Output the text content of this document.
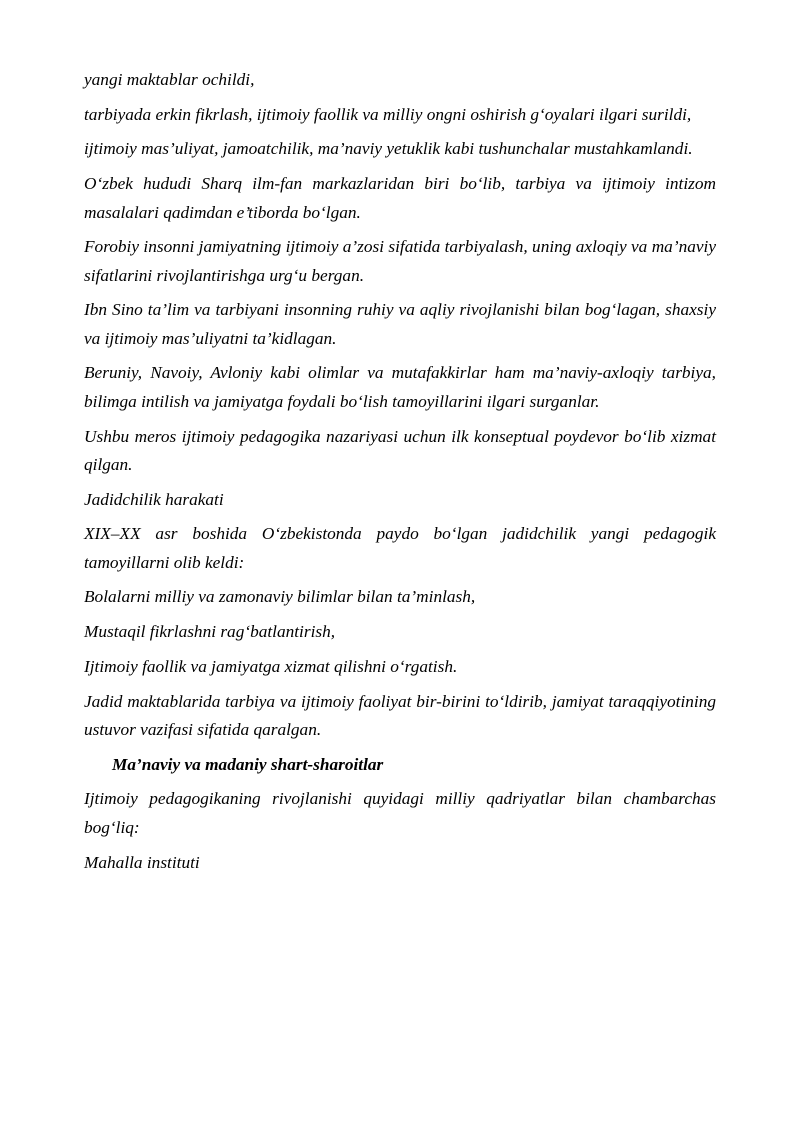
yangi maktablar ochildi,

tarbiyada erkin fikrlash, ijtimoiy faollik va milliy ongni oshirish g‘oyalari ilgari surildi,

ijtimoiy mas’uliyat, jamoatchilik, ma’naviy yetuklik kabi tushunchalar mustahkamlandi.

O‘zbek hududi Sharq ilm-fan markazlaridan biri bo‘lib, tarbiya va ijtimoiy intizom masalalari qadimdan e’tiborda bo‘lgan.

Forobiy insonni jamiyatning ijtimoiy a’zosi sifatida tarbiyalash, uning axloqiy va ma’naviy sifatlarini rivojlantirishga urg‘u bergan.

Ibn Sino ta’lim va tarbiyani insonning ruhiy va aqliy rivojlanishi bilan bog‘lagan, shaxsiy va ijtimoiy mas’uliyatni ta’kidlagan.

Beruniy, Navoiy, Avloniy kabi olimlar va mutafakkirlar ham ma’naviy-axloqiy tarbiya, bilimga intilish va jamiyatga foydali bo‘lish tamoyillarini ilgari surganlar.

Ushbu meros ijtimoiy pedagogika nazariyasi uchun ilk konseptual poydevor bo‘lib xizmat qilgan.

Jadidchilik harakati

XIX–XX asr boshida O‘zbekistonda paydo bo‘lgan jadidchilik yangi pedagogik tamoyillarni olib keldi:

Bolalarni milliy va zamonaviy bilimlar bilan ta’minlash,

Mustaqil fikrlashni rag‘batlantirish,

Ijtimoiy faollik va jamiyatga xizmat qilishni o‘rgatish.

Jadid maktablarida tarbiya va ijtimoiy faoliyat bir-birini to‘ldirib, jamiyat taraqqiyotining ustuvor vazifasi sifatida qaralgan.

Ma’naviy va madaniy shart-sharoitlar

Ijtimoiy pedagogikaning rivojlanishi quyidagi milliy qadriyatlar bilan chambarchas bog‘liq:

Mahalla instituti
